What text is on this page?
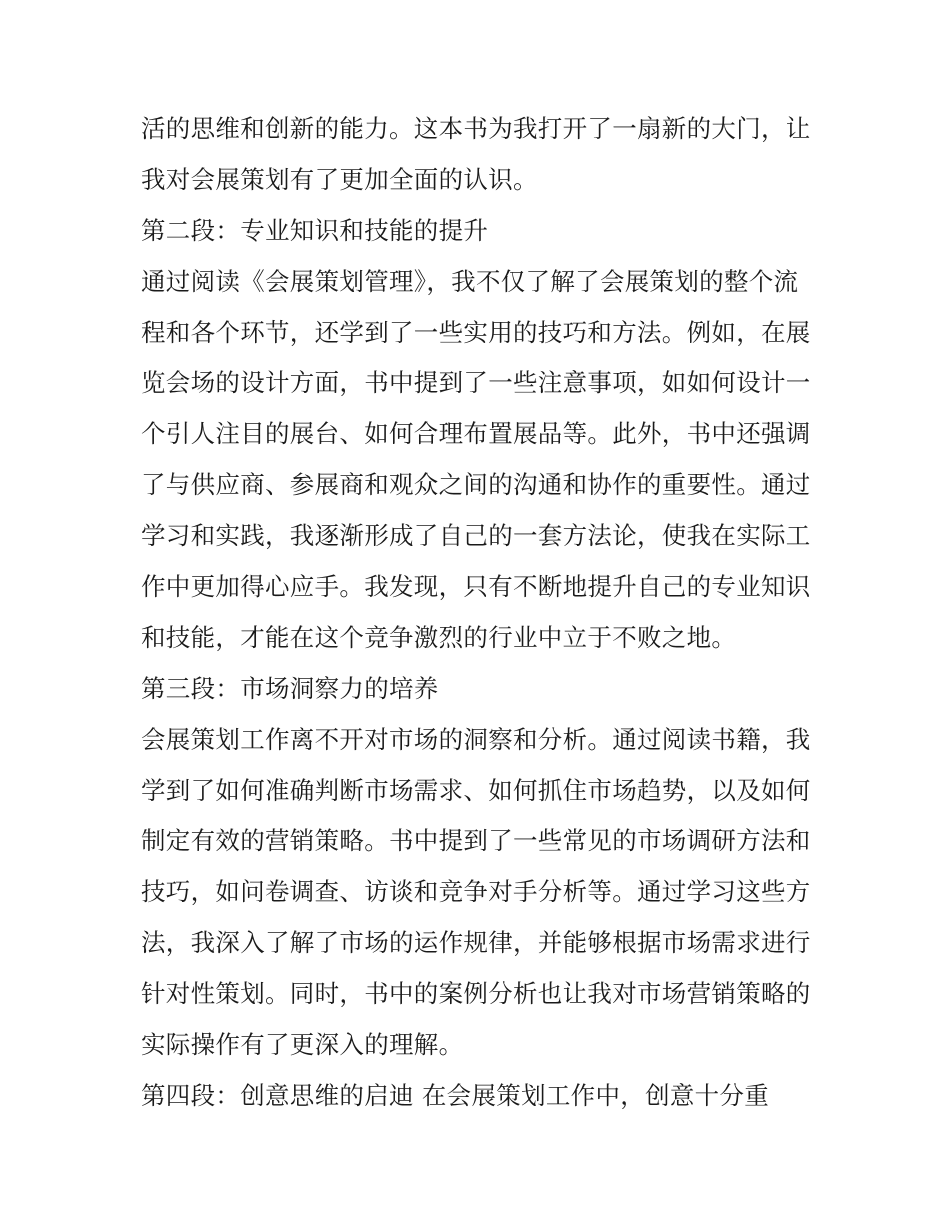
活的思维和创新的能力。这本书为我打开了一扇新的大门，让
我对会展策划有了更加全面的认识。
第二段：专业知识和技能的提升
通过阅读《会展策划管理》，我不仅了解了会展策划的整个流
程和各个环节，还学到了一些实用的技巧和方法。例如，在展
览会场的设计方面，书中提到了一些注意事项，如如何设计一
个引人注目的展台、如何合理布置展品等。此外，书中还强调
了与供应商、参展商和观众之间的沟通和协作的重要性。通过
学习和实践，我逐渐形成了自己的一套方法论，使我在实际工
作中更加得心应手。我发现，只有不断地提升自己的专业知识
和技能，才能在这个竞争激烈的行业中立于不败之地。
第三段：市场洞察力的培养
会展策划工作离不开对市场的洞察和分析。通过阅读书籍，我
学到了如何准确判断市场需求、如何抓住市场趋势，以及如何
制定有效的营销策略。书中提到了一些常见的市场调研方法和
技巧，如问卷调查、访谈和竞争对手分析等。通过学习这些方
法，我深入了解了市场的运作规律，并能够根据市场需求进行
针对性策划。同时，书中的案例分析也让我对市场营销策略的
实际操作有了更深入的理解。
第四段：创意思维的启迪 在会展策划工作中，创意十分重
